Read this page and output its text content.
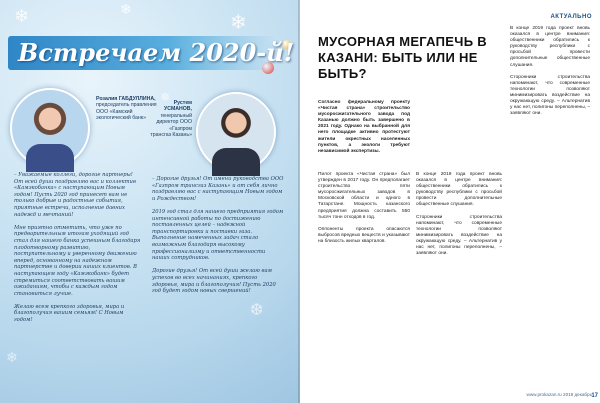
❄	❄	❄
❅
❆
❄
Встречаем 2020-й!
Розалия ГАБДУЛЛИНА,
председатель правления ООО «Камский экологический банк»
Рустем УСМАНОВ,
генеральный директор ООО «Газпром трансгаз Казань»
– Уважаемые коллеги, дорогие партнеры! От всей души поздравляю вас и коллектив «Камэкобанка» с наступающим Новым годом! Пусть 2020 год принесет вам не только добрые и радостные события, приятные встречи, исполнение давних надежд и мечтаний!

Мне приятно отметить, что уже по предварительным итогам уходящий год стал для нашего банка успешным благодаря плодотворному развитию, поступательному и уверенному движению вперед, основанному на надежном партнерстве и доверии наших клиентов. В наступающем году «Камэкобанк» будет стремиться соответствовать вашим ожиданиям, чтобы с каждым годом становиться лучше.

Желаю всем крепкого здоровья, мира и благополучия вашим семьям! С Новым годом!
– Дорогие друзья! От имени руководства ООО «Газпром трансгаз Казань» и от себя лично поздравляю вас с наступающим Новым годом и Рождеством!

2019 год стал для нашего предприятия годом интенсивной работы по достижению поставленных целей – надежной транспортировки и поставки газа. Выполнение намеченных задач стало возможным благодаря высокому профессионализму и ответственности наших сотрудников.

Дорогие друзья! От всей души желаю вам успехов во всех начинаниях, крепкого здоровья, мира и благополучия! Пусть 2020 год будет годом новых свершений!
АКТУАЛЬНО
МУСОРНАЯ МЕГАПЕЧЬ В КАЗАНИ: БЫТЬ ИЛИ НЕ БЫТЬ?
Согласно федеральному проекту «Чистая страна» строительство мусоросжигательного завода под Казанью должно быть завершено в 2021 году. Однако на выбранной для него площадке активно протестуют жители окрестных населенных пунктов, а экологи требуют независимой экспертизы.
Пилот проекта «Чистая страна» был утвержден в 2017 году. Он предполагает строительство пяти мусоросжигательных заводов в Московской области и одного в Татарстане. Мощность казанского предприятия должна составить 550 тысяч тонн отходов в год.

Оппоненты проекта опасаются выбросов вредных веществ и указывают на близость жилых кварталов.
В конце 2019 года проект вновь оказался в центре внимания: общественники обратились к руководству республики с просьбой провести дополнительные общественные слушания.

Сторонники строительства напоминают, что современные технологии позволяют минимизировать воздействие на окружающую среду. – Альтернатив у нас нет, полигоны переполнены, – заявляют они.
В конце 2019 года проект вновь оказался в центре внимания: общественники обратились к руководству республики с просьбой провести дополнительные общественные слушания.

Сторонники строительства напоминают, что современные технологии позволяют минимизировать воздействие на окружающую среду. – Альтернатив у нас нет, полигоны переполнены, – заявляют они.
www.prokazan.ru 2019 декабрь 17
